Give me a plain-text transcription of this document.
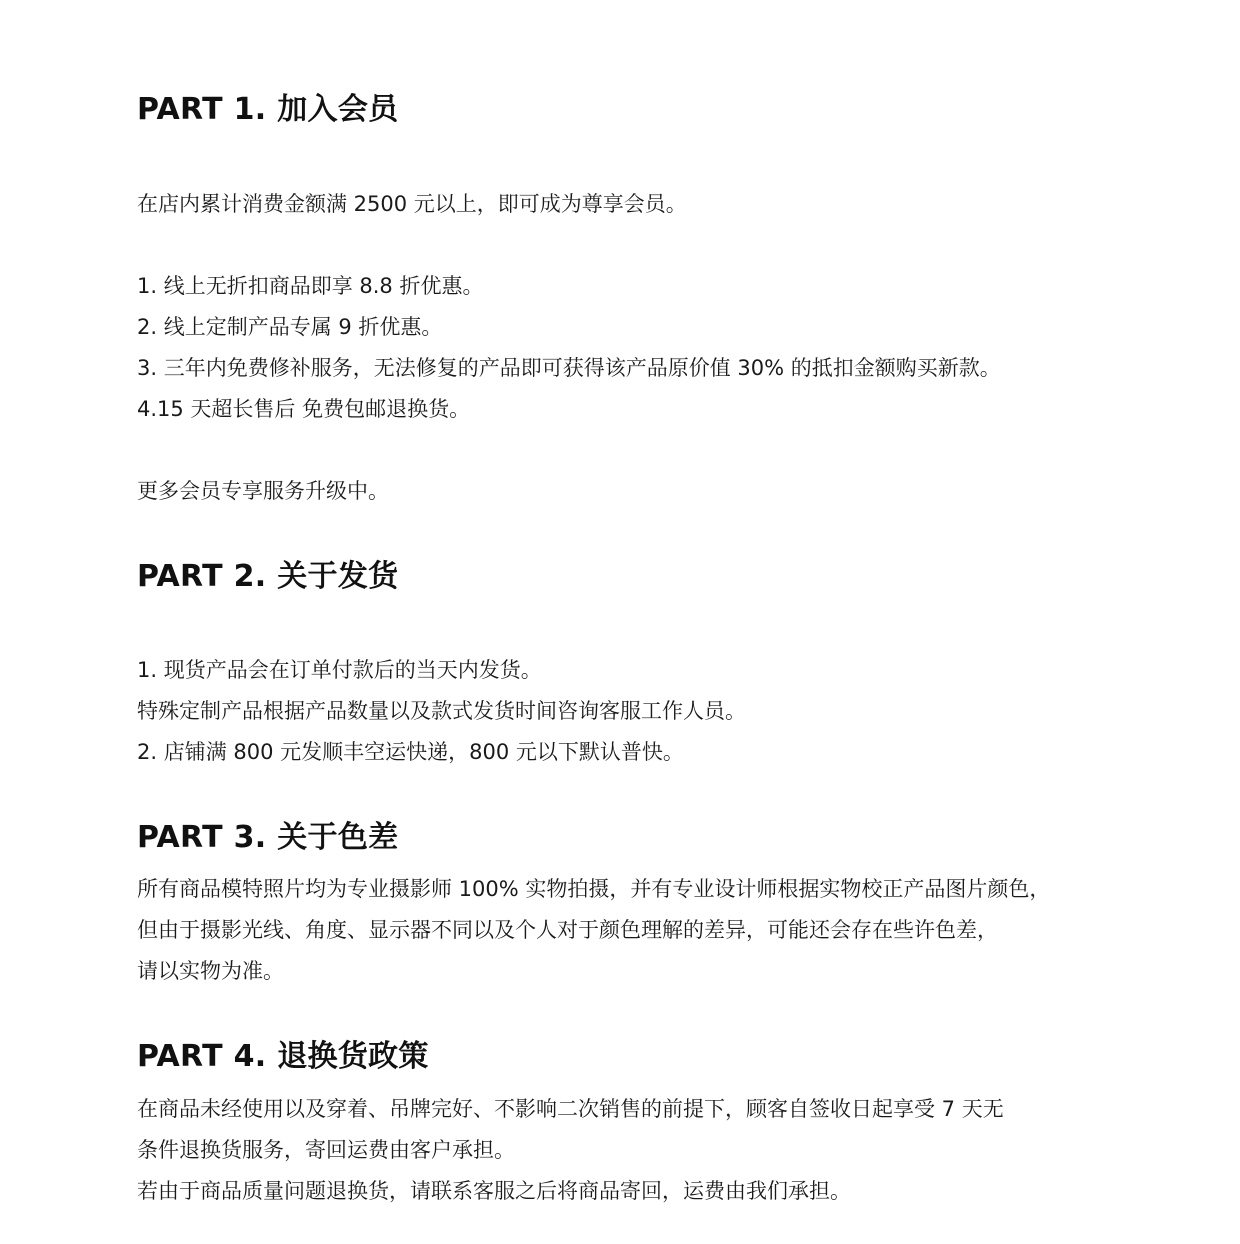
PART 1. 加入会员

在店内累计消费金额满 2500 元以上，即可成为尊享会员。

1. 线上无折扣商品即享 8.8 折优惠。

2. 线上定制产品专属 9 折优惠。

3. 三年内免费修补服务，无法修复的产品即可获得该产品原价值 30% 的抵扣金额购买新款。

4.15 天超长售后 免费包邮退换货。

更多会员专享服务升级中。

PART 2. 关于发货

1. 现货产品会在订单付款后的当天内发货。

特殊定制产品根据产品数量以及款式发货时间咨询客服工作人员。

2. 店铺满 800 元发顺丰空运快递，800 元以下默认普快。

PART 3. 关于色差

所有商品模特照片均为专业摄影师 100% 实物拍摄，并有专业设计师根据实物校正产品图片颜色，

但由于摄影光线、角度、显示器不同以及个人对于颜色理解的差异，可能还会存在些许色差，

请以实物为准。

PART 4. 退换货政策

在商品未经使用以及穿着、吊牌完好、不影响二次销售的前提下，顾客自签收日起享受 7 天无

条件退换货服务，寄回运费由客户承担。

若由于商品质量问题退换货，请联系客服之后将商品寄回，运费由我们承担。
